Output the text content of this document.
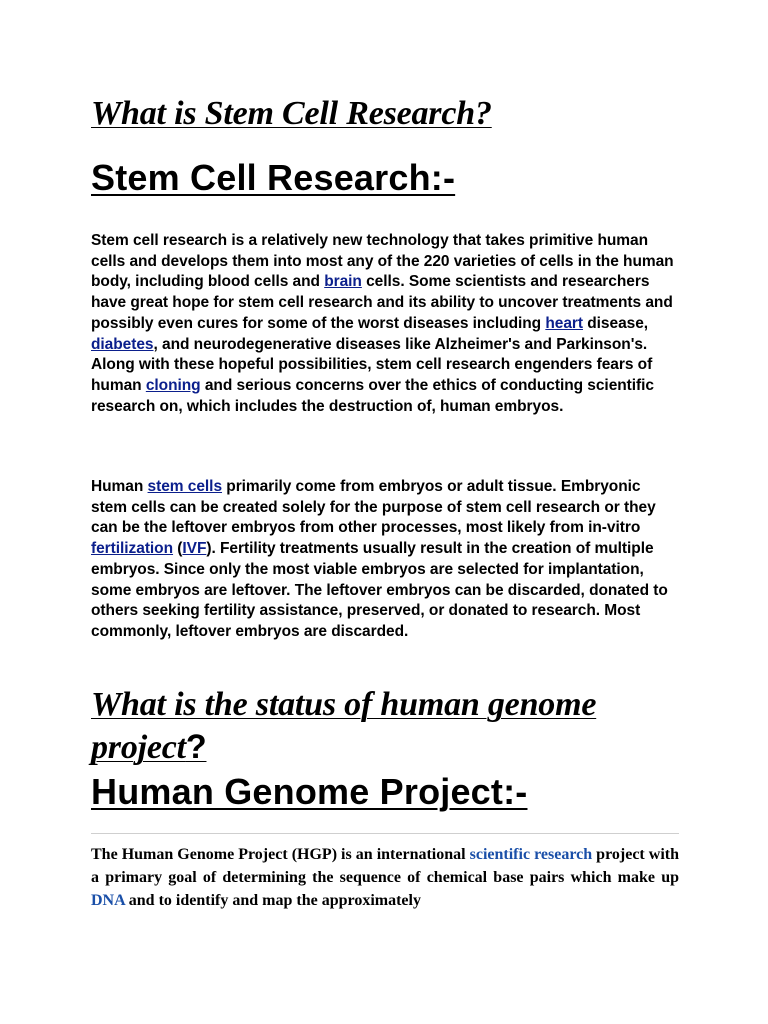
What is Stem Cell Research?
Stem Cell Research:-

Stem cell research is a relatively new technology that takes primitive human cells and develops them into most any of the 220 varieties of cells in the human body, including blood cells and brain cells. Some scientists and researchers have great hope for stem cell research and its ability to uncover treatments and possibly even cures for some of the worst diseases including heart disease, diabetes, and neurodegenerative diseases like Alzheimer's and Parkinson's. Along with these hopeful possibilities, stem cell research engenders fears of human cloning and serious concerns over the ethics of conducting scientific research on, which includes the destruction of, human embryos.

Human stem cells primarily come from embryos or adult tissue. Embryonic stem cells can be created solely for the purpose of stem cell research or they can be the leftover embryos from other processes, most likely from in-vitro fertilization (IVF). Fertility treatments usually result in the creation of multiple embryos. Since only the most viable embryos are selected for implantation, some embryos are leftover. The leftover embryos can be discarded, donated to others seeking fertility assistance, preserved, or donated to research. Most commonly, leftover embryos are discarded.

What is the status of human genome
project?
Human Genome Project:-

The Human Genome Project (HGP) is an international scientific research project with a primary goal of determining the sequence of chemical base pairs which make up DNA and to identify and map the approximately
